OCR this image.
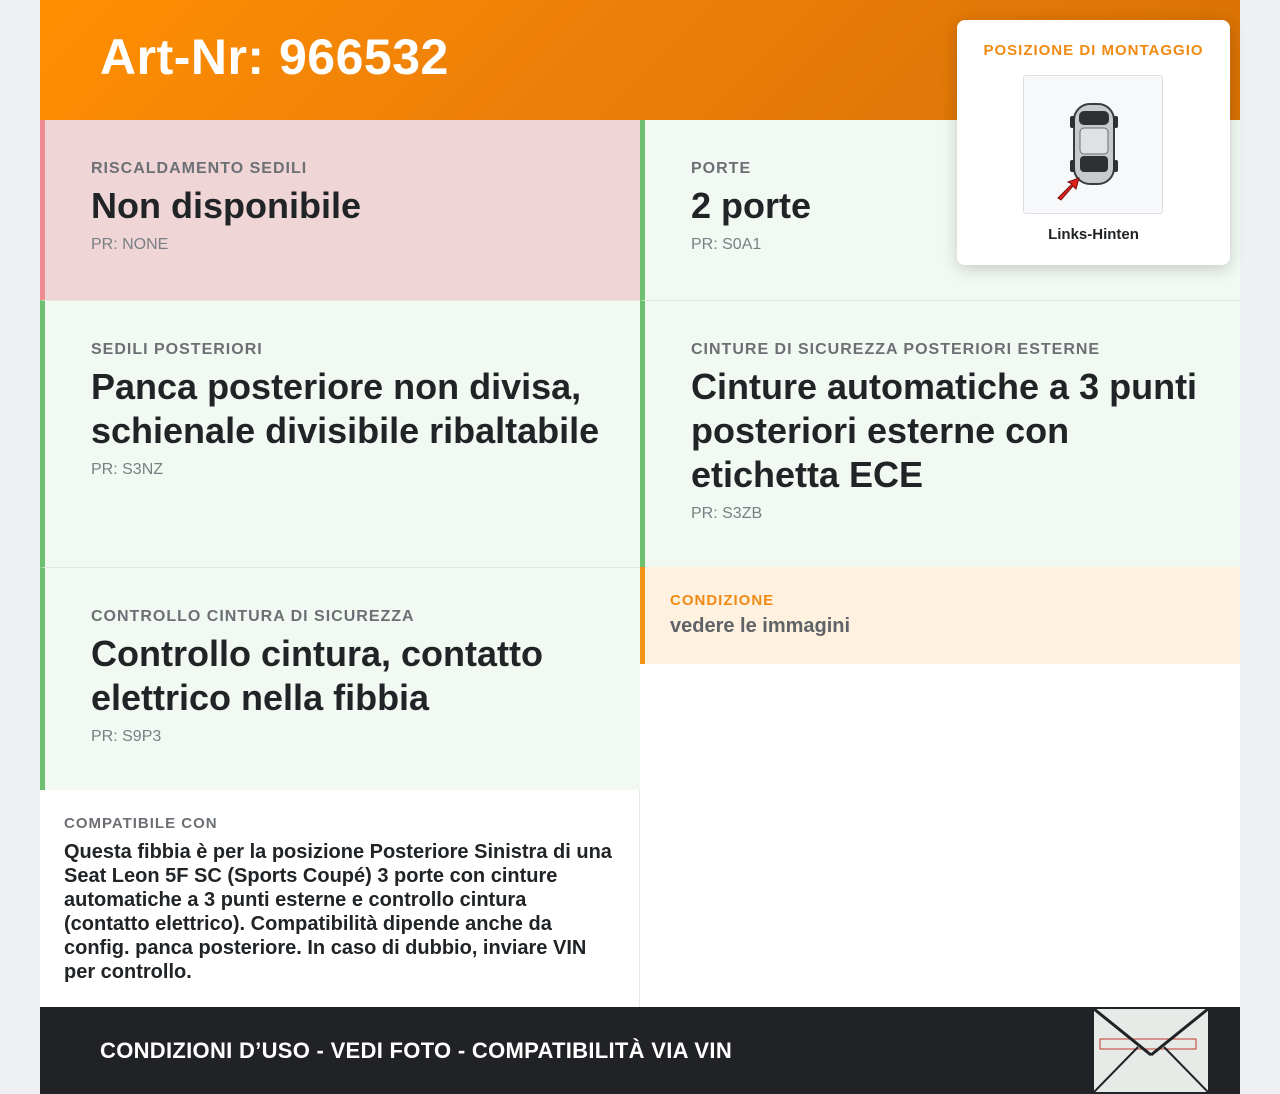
Art-Nr: 966532	POSIZIONE DI MONTAGGIO
Links-Hinten
RISCALDAMENTO SEDILI
Non disponibile
PR: NONE
PORTE
2 porte
PR: S0A1
SEDILI POSTERIORI
Panca posteriore non divisa, schienale divisibile ribaltabile
PR: S3NZ
CINTURE DI SICUREZZA POSTERIORI ESTERNE
Cinture automatiche a 3 punti posteriori esterne con etichetta ECE
PR: S3ZB
CONTROLLO CINTURA DI SICUREZZA
Controllo cintura, contatto elettrico nella fibbia
PR: S9P3
CONDIZIONE
vedere le immagini
COMPATIBILE CON
Questa fibbia è per la posizione Posteriore Sinistra di una Seat Leon 5F SC (Sports Coupé) 3 porte con cinture automatiche a 3 punti esterne e controllo cintura (contatto elettrico). Compatibilità dipende anche da config. panca posteriore. In caso di dubbio, inviare VIN per controllo.
CONDIZIONI D’USO - VEDI FOTO - COMPATIBILITÀ VIA VIN
